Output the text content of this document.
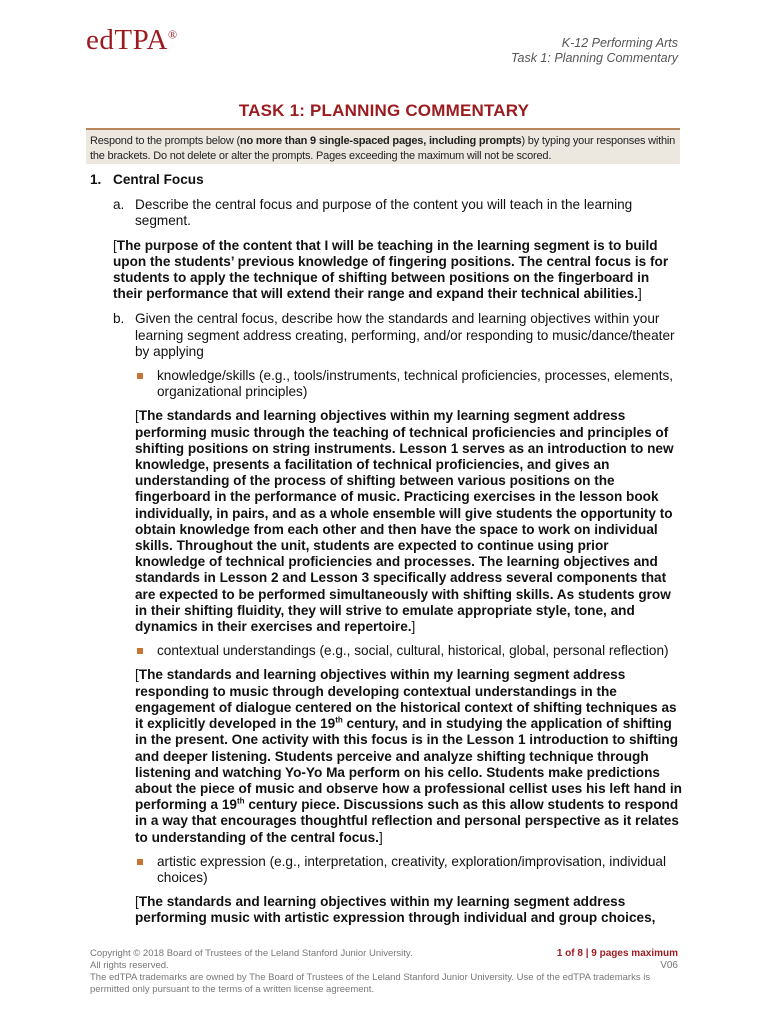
edTPA®
K-12 Performing Arts
Task 1: Planning Commentary
TASK 1: PLANNING COMMENTARY
Respond to the prompts below (no more than 9 single-spaced pages, including prompts) by typing your responses within the brackets. Do not delete or alter the prompts. Pages exceeding the maximum will not be scored.
1. Central Focus
a. Describe the central focus and purpose of the content you will teach in the learning segment.
[The purpose of the content that I will be teaching in the learning segment is to build upon the students’ previous knowledge of fingering positions. The central focus is for students to apply the technique of shifting between positions on the fingerboard in their performance that will extend their range and expand their technical abilities.]
b. Given the central focus, describe how the standards and learning objectives within your learning segment address creating, performing, and/or responding to music/dance/theater by applying
knowledge/skills (e.g., tools/instruments, technical proficiencies, processes, elements, organizational principles)
[The standards and learning objectives within my learning segment address performing music through the teaching of technical proficiencies and principles of shifting positions on string instruments. Lesson 1 serves as an introduction to new knowledge, presents a facilitation of technical proficiencies, and gives an understanding of the process of shifting between various positions on the fingerboard in the performance of music. Practicing exercises in the lesson book individually, in pairs, and as a whole ensemble will give students the opportunity to obtain knowledge from each other and then have the space to work on individual skills. Throughout the unit, students are expected to continue using prior knowledge of technical proficiencies and processes. The learning objectives and standards in Lesson 2 and Lesson 3 specifically address several components that are expected to be performed simultaneously with shifting skills. As students grow in their shifting fluidity, they will strive to emulate appropriate style, tone, and dynamics in their exercises and repertoire.]
contextual understandings (e.g., social, cultural, historical, global, personal reflection)
[The standards and learning objectives within my learning segment address responding to music through developing contextual understandings in the engagement of dialogue centered on the historical context of shifting techniques as it explicitly developed in the 19th century, and in studying the application of shifting in the present. One activity with this focus is in the Lesson 1 introduction to shifting and deeper listening. Students perceive and analyze shifting technique through listening and watching Yo-Yo Ma perform on his cello. Students make predictions about the piece of music and observe how a professional cellist uses his left hand in performing a 19th century piece. Discussions such as this allow students to respond in a way that encourages thoughtful reflection and personal perspective as it relates to understanding of the central focus.]
artistic expression (e.g., interpretation, creativity, exploration/improvisation, individual choices)
[The standards and learning objectives within my learning segment address performing music with artistic expression through individual and group choices,
Copyright © 2018 Board of Trustees of the Leland Stanford Junior University.
All rights reserved.
The edTPA trademarks are owned by The Board of Trustees of the Leland Stanford Junior University. Use of the edTPA trademarks is permitted only pursuant to the terms of a written license agreement.
1 of 8 | 9 pages maximum
V06
